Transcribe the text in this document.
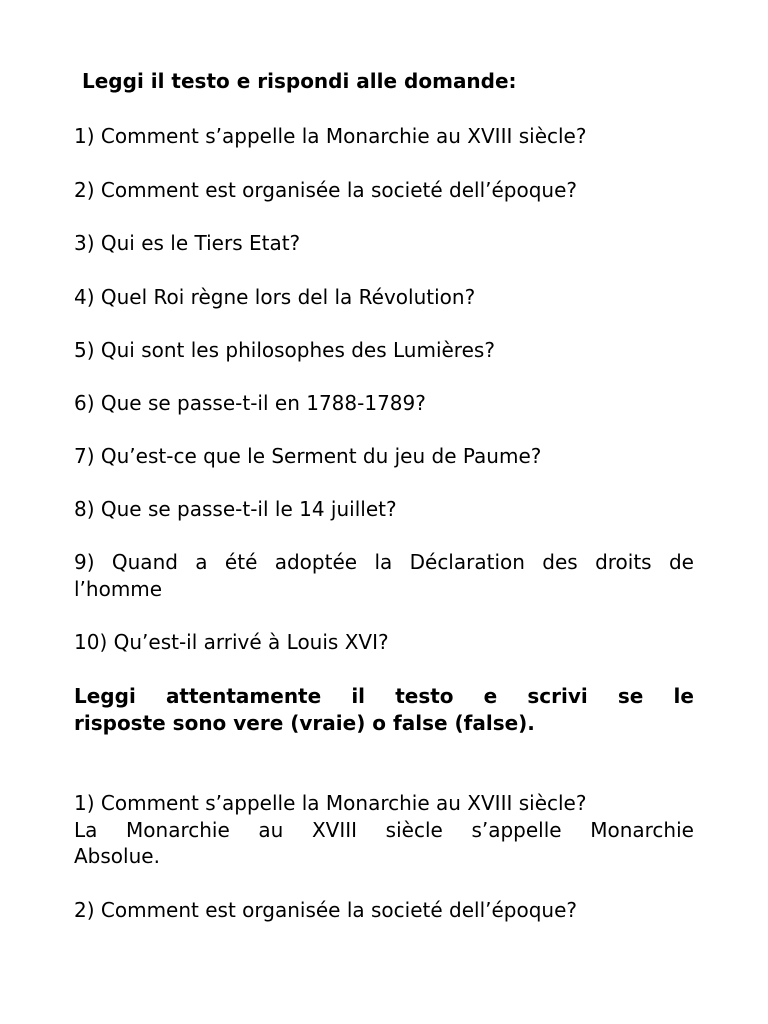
Leggi il testo e rispondi alle domande:
1) Comment s’appelle la Monarchie au XVIII siècle?
2) Comment est organisée la societé dell’époque?
3) Qui es le Tiers Etat?
4) Quel Roi règne lors del la Révolution?
5) Qui sont les philosophes des Lumières?
6) Que se passe-t-il en 1788-1789?
7) Qu’est-ce que le Serment du jeu de Paume?
8) Que se passe-t-il le 14 juillet?
9) Quand a été adoptée la Déclaration des droits de
l’homme
10) Qu’est-il arrivé à Louis XVI?
Leggi attentamente il testo e scrivi se le
risposte sono vere (vraie) o false (false).
1) Comment s’appelle la Monarchie au XVIII siècle?
La Monarchie au XVIII siècle s’appelle Monarchie
Absolue.
2) Comment est organisée la societé dell’époque?
